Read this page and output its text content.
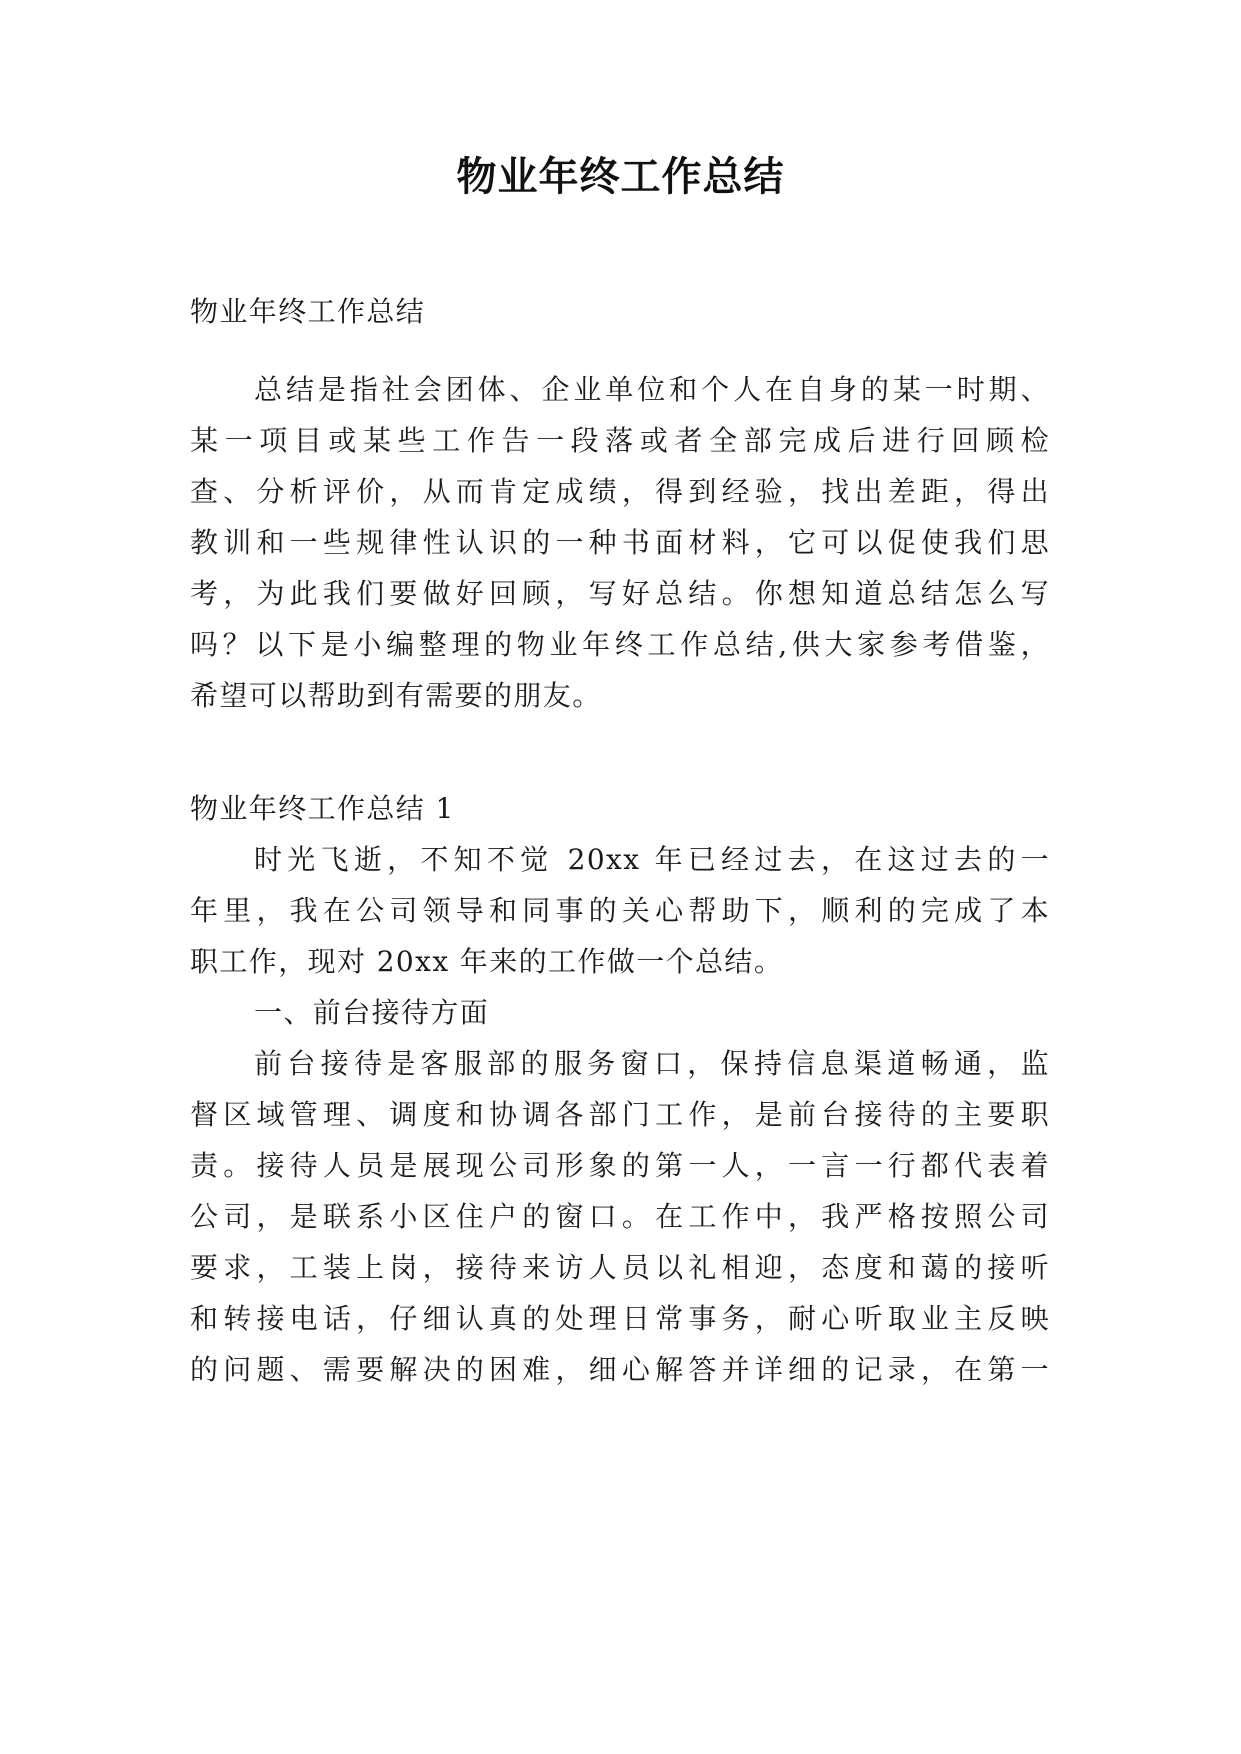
物业年终工作总结
物业年终工作总结
总结是指社会团体、企业单位和个人在自身的某一时期、
某一项目或某些工作告一段落或者全部完成后进行回顾检
查、分析评价，从而肯定成绩，得到经验，找出差距，得出
教训和一些规律性认识的一种书面材料，它可以促使我们思
考，为此我们要做好回顾，写好总结。你想知道总结怎么写
吗？以下是小编整理的物业年终工作总结,供大家参考借鉴，
希望可以帮助到有需要的朋友。
物业年终工作总结 1
时光飞逝，不知不觉 20xx 年已经过去，在这过去的一
年里，我在公司领导和同事的关心帮助下，顺利的完成了本
职工作，现对 20xx 年来的工作做一个总结。
一、前台接待方面
前台接待是客服部的服务窗口，保持信息渠道畅通，监
督区域管理、调度和协调各部门工作，是前台接待的主要职
责。接待人员是展现公司形象的第一人，一言一行都代表着
公司，是联系小区住户的窗口。在工作中，我严格按照公司
要求，工装上岗，接待来访人员以礼相迎，态度和蔼的接听
和转接电话，仔细认真的处理日常事务，耐心听取业主反映
的问题、需要解决的困难，细心解答并详细的记录，在第一
